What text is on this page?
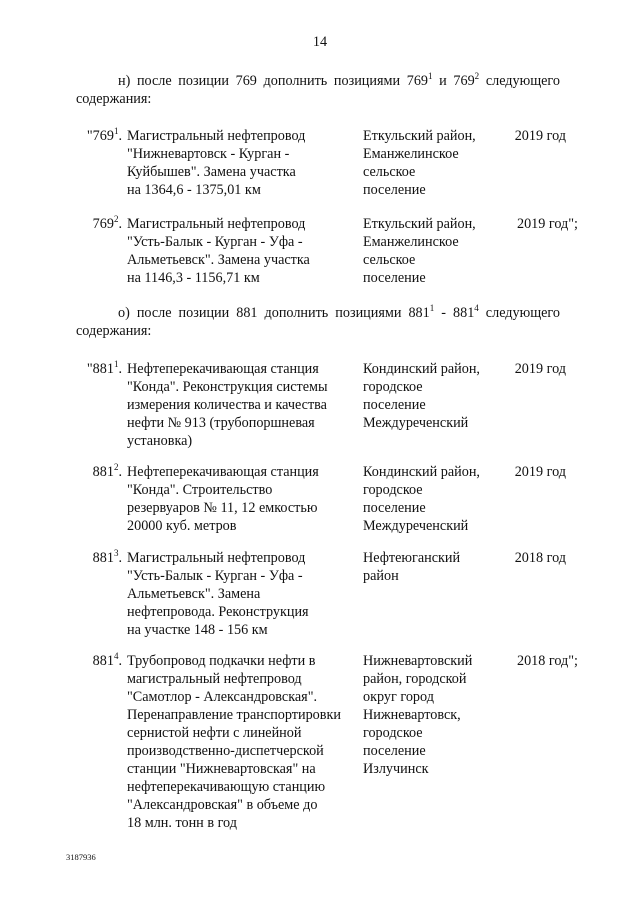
14
н) после позиции 769 дополнить позициями $769^1$ и $769^2$ следующего
содержания:
"$769^1$. Магистральный нефтепровод
"Нижневартовск - Курган -
Куйбышев". Замена участка
на 1364,6 - 1375,01 км
Еткульский район,
Еманжелинское
сельское
поселение
2019 год
$769^2$. Магистральный нефтепровод
"Усть-Балык - Курган - Уфа -
Альметьевск". Замена участка
на 1146,3 - 1156,71 км
Еткульский район,
Еманжелинское
сельское
поселение
2019 год";
о) после позиции 881 дополнить позициями $881^1 - 881^4$ следующего
содержания:
"$881^1$. Нефтеперекачивающая станция
"Конда". Реконструкция системы
измерения количества и качества
нефти № 913 (трубопоршневая
установка)
Кондинский район,
городское
поселение
Междуреченский
2019 год
$881^2$. Нефтеперекачивающая станция
"Конда". Строительство
резервуаров № 11, 12 емкостью
20000 куб. метров
Кондинский район,
городское
поселение
Междуреченский
2019 год
$881^3$. Магистральный нефтепровод
"Усть-Балык - Курган - Уфа -
Альметьевск". Замена
нефтепровода. Реконструкция
на участке 148 - 156 км
Нефтеюганский
район
2018 год
$881^4$. Трубопровод подкачки нефти в
магистральный нефтепровод
"Самотлор - Александровская".
Перенаправление транспортировки
сернистой нефти с линейной
производственно-диспетчерской
станции "Нижневартовская" на
нефтеперекачивающую станцию
"Александровская" в объеме до
18 млн. тонн в год
Нижневартовский
район, городской
округ город
Нижневартовск,
городское
поселение
Излучинск
2018 год";
3187936
